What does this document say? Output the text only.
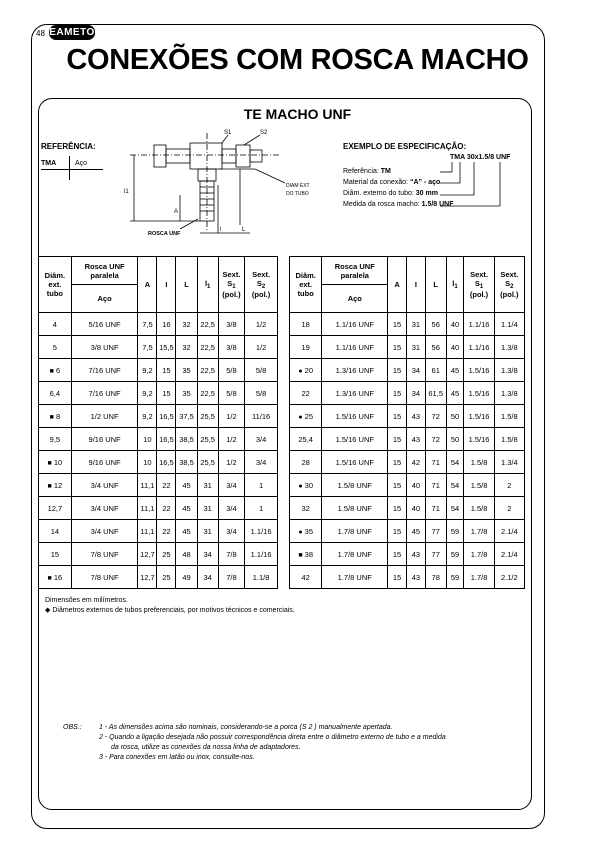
48 EAMETO
CONEXÕES COM ROSCA MACHO
TE MACHO UNF
REFERÊNCIA:
TMA	Aço
S1	S2
l1
A
L
l
ROSCA UNF
DIAM EXT
DO TUBO
EXEMPLO DE ESPECIFICAÇÃO:
TMA 30x1.5/8 UNF
Referência: TM
Material da conexão: “A” - aço
Diâm. externo do tubo: 30 mm
Medida da rosca macho: 1.5/8 UNF
Diâm.
ext.
tubo	Rosca UNF paralela	A	I	L	$l_1$	Sext.
$S_1$
(pol.)	Sext.
$S_2$
(pol.)
	Aço						
4	5/16 UNF	7,5	16	32	22,5	3/8	1/2
5	3/8 UNF	7,5	15,5	32	22,5	3/8	1/2
■ 6	7/16 UNF	9,2	15	35	22,5	5/8	5/8
6,4	7/16 UNF	9,2	15	35	22,5	5/8	5/8
■ 8	1/2 UNF	9,2	16,5	37,5	25,5	1/2	11/16
9,5	9/16 UNF	10	16,5	38,5	25,5	1/2	3/4
■ 10	9/16 UNF	10	16,5	38,5	25,5	1/2	3/4
■ 12	3/4 UNF	11,1	22	45	31	3/4	1
12,7	3/4 UNF	11,1	22	45	31	3/4	1
14	3/4 UNF	11,1	22	45	31	3/4	1.1/16
15	7/8 UNF	12,7	25	48	34	7/8	1.1/16
■ 16	7/8 UNF	12,7	25	49	34	7/8	1.1/8
Diâm.
ext.
tubo	Rosca UNF paralela	A	I	L	$l_1$	Sext.
$S_1$
(pol.)	Sext.
$S_2$
(pol.)
	Aço						
18	1.1/16 UNF	15	31	56	40	1.1/16	1.1/4
19	1.1/16 UNF	15	31	56	40	1.1/16	1.3/8
● 20	1.3/16 UNF	15	34	61	45	1.5/16	1.3/8
22	1.3/16 UNF	15	34	61,5	45	1.5/16	1.3/8
● 25	1.5/16 UNF	15	43	72	50	1.5/16	1.5/8
25,4	1.5/16 UNF	15	43	72	50	1.5/16	1.5/8
28	1.5/16 UNF	15	42	71	54	1.5/8	1.3/4
● 30	1.5/8 UNF	15	40	71	54	1.5/8	2
32	1.5/8 UNF	15	40	71	54	1.5/8	2
● 35	1.7/8 UNF	15	45	77	59	1.7/8	2.1/4
■ 38	1.7/8 UNF	15	43	77	59	1.7/8	2.1/4
42	1.7/8 UNF	15	43	78	59	1.7/8	2.1/2
Dimensões em milímetros.
◆ Diâmetros externos de tubos preferenciais, por motivos técnicos e comerciais.
OBS.: 1 - As dimensões acima são nominais, considerando-se a porca (S 2 ) manualmente apertada.
2 - Quando a ligação desejada não possuir correspondência direta entre o diâmetro externo de tubo e a medida
da rosca, utilize as conexões da nossa linha de adaptadores.
3 - Para conexões em latão ou inox, consulte-nos.
